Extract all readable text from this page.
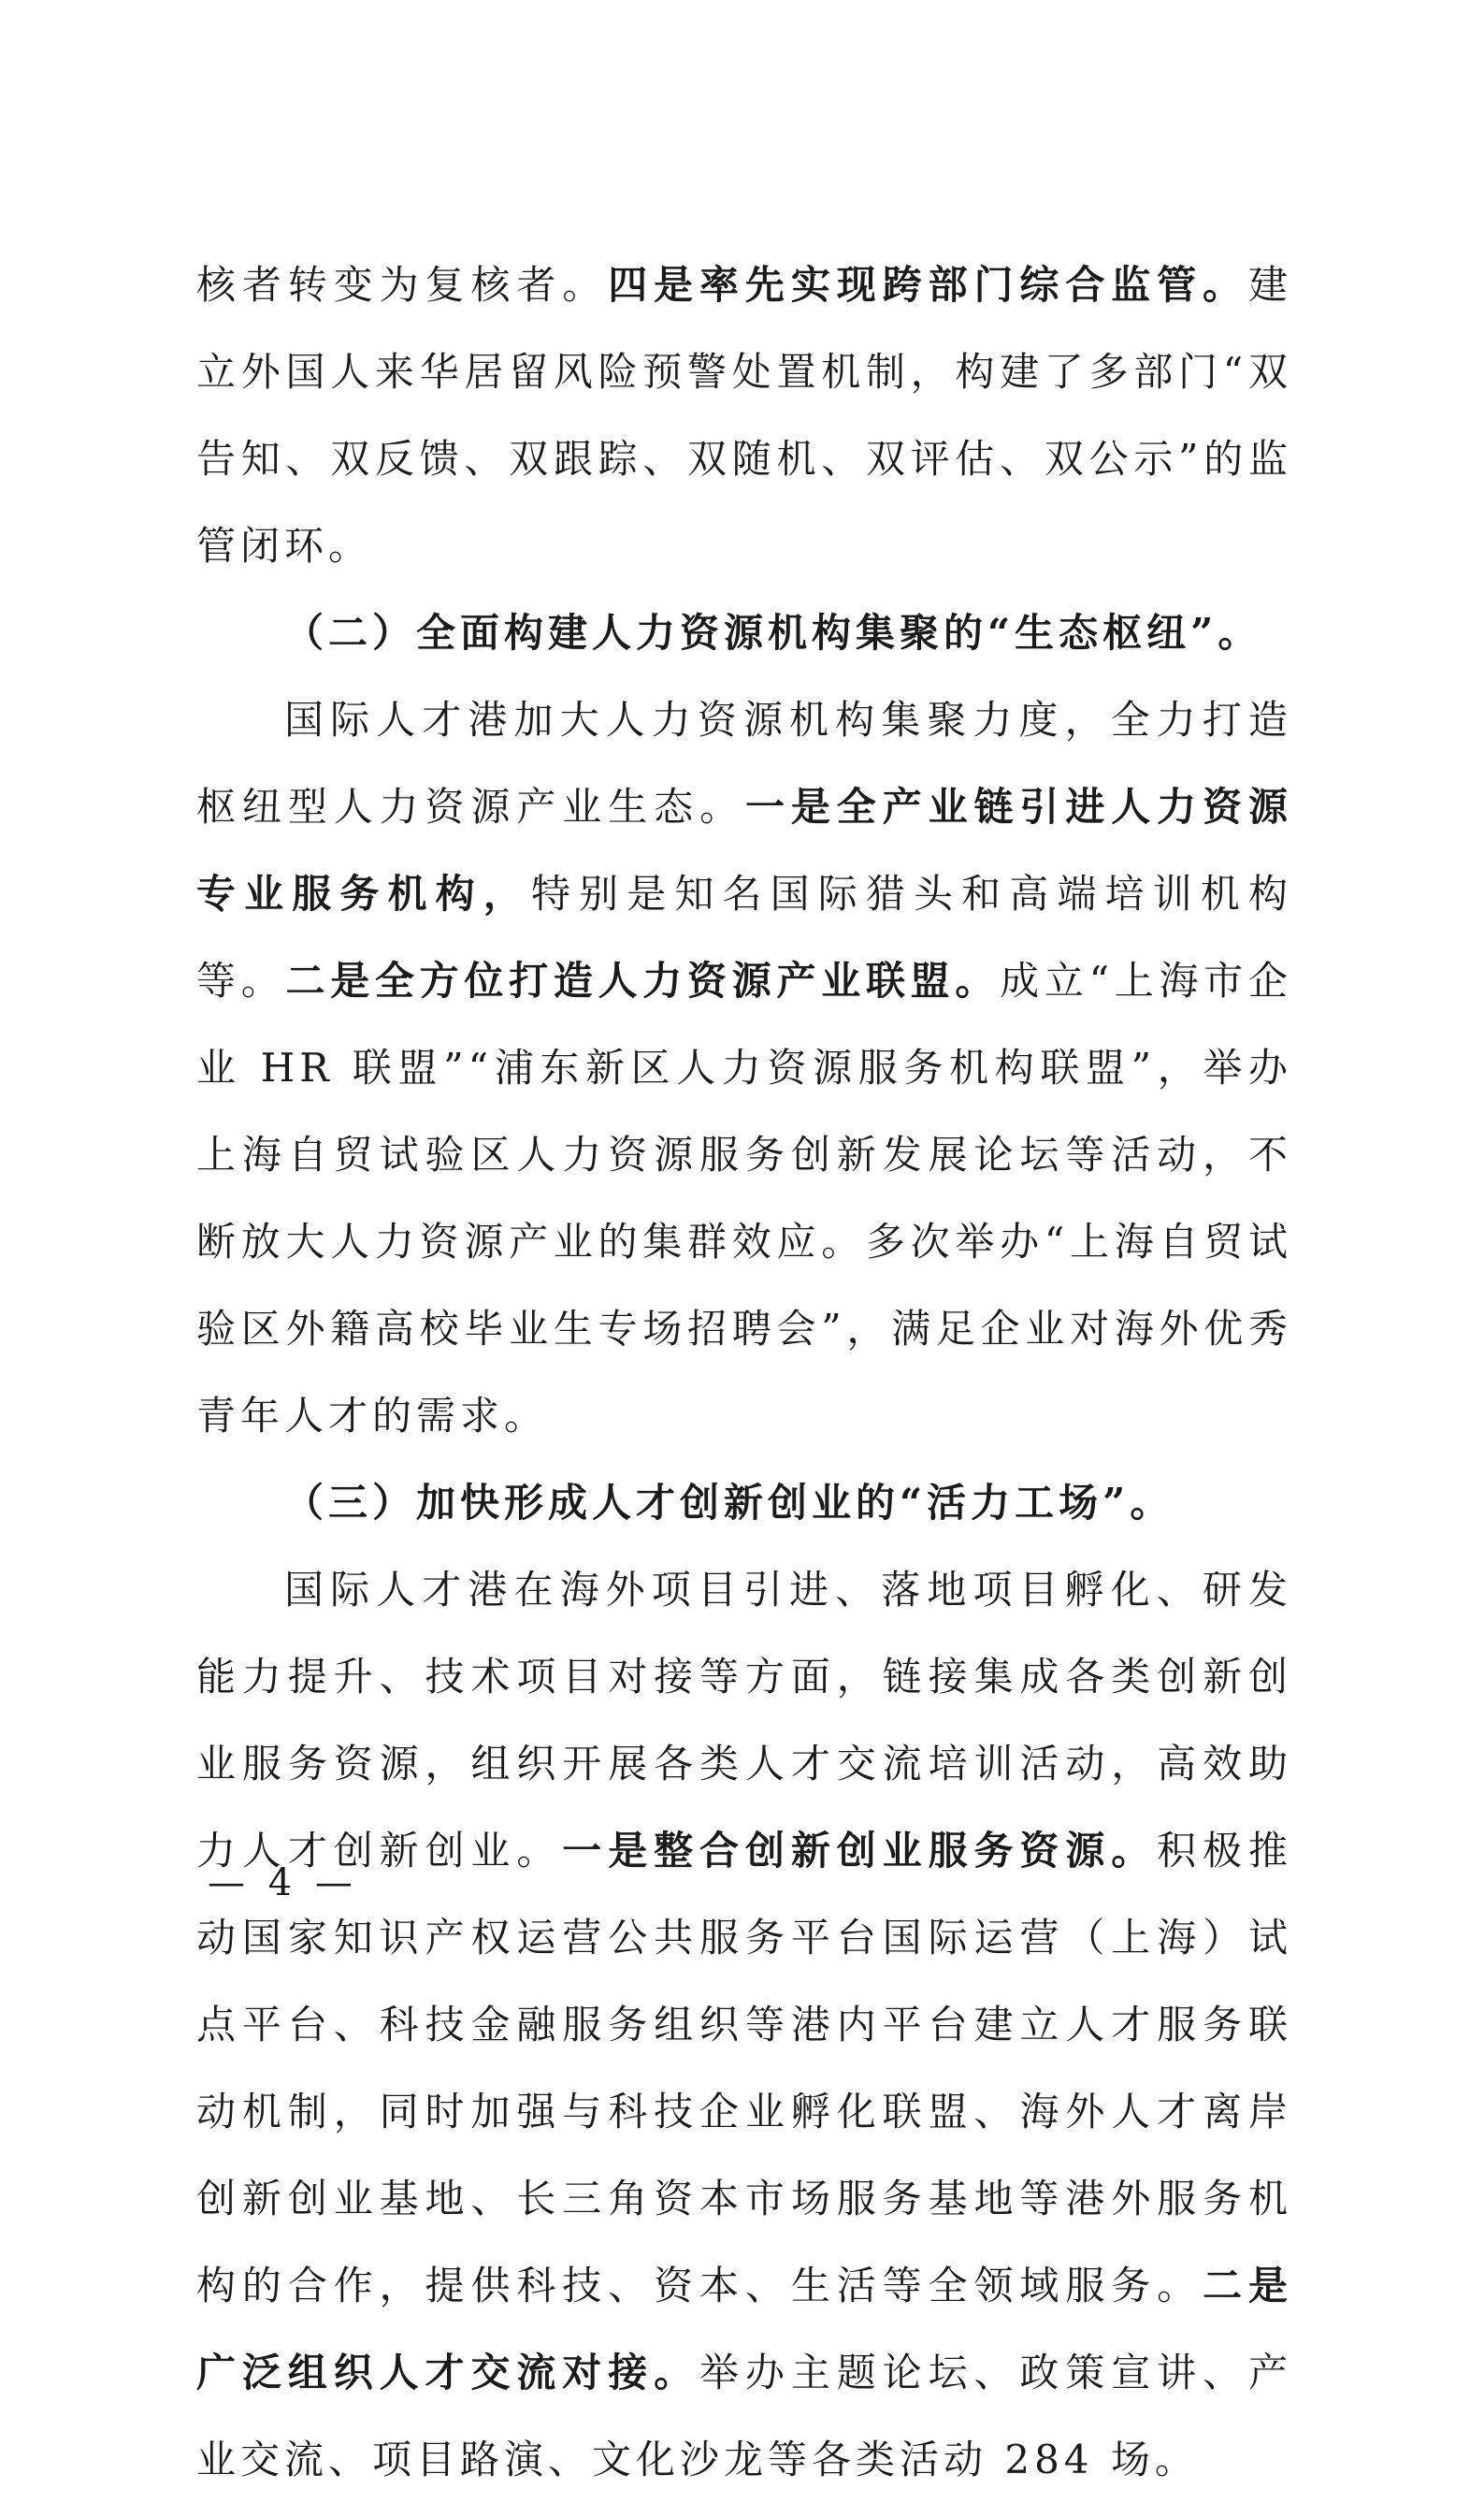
核者转变为复核者。四是率先实现跨部门综合监管。建立外国人来华居留风险预警处置机制，构建了多部门“双告知、双反馈、双跟踪、双随机、双评估、双公示”的监管闭环。

（二）全面构建人力资源机构集聚的“生态枢纽”。

国际人才港加大人力资源机构集聚力度，全力打造枢纽型人力资源产业生态。一是全产业链引进人力资源专业服务机构，特别是知名国际猎头和高端培训机构等。二是全方位打造人力资源产业联盟。成立“上海市企业 HR 联盟”“浦东新区人力资源服务机构联盟”，举办上海自贸试验区人力资源服务创新发展论坛等活动，不断放大人力资源产业的集群效应。多次举办“上海自贸试验区外籍高校毕业生专场招聘会”，满足企业对海外优秀青年人才的需求。

（三）加快形成人才创新创业的“活力工场”。

国际人才港在海外项目引进、落地项目孵化、研发能力提升、技术项目对接等方面，链接集成各类创新创业服务资源，组织开展各类人才交流培训活动，高效助力人才创新创业。一是整合创新创业服务资源。积极推动国家知识产权运营公共服务平台国际运营（上海）试点平台、科技金融服务组织等港内平台建立人才服务联动机制，同时加强与科技企业孵化联盟、海外人才离岸创新创业基地、长三角资本市场服务基地等港外服务机构的合作，提供科技、资本、生活等全领域服务。二是广泛组织人才交流对接。举办主题论坛、政策宣讲、产业交流、项目路演、文化沙龙等各类活动 284 场。

— 4 —
